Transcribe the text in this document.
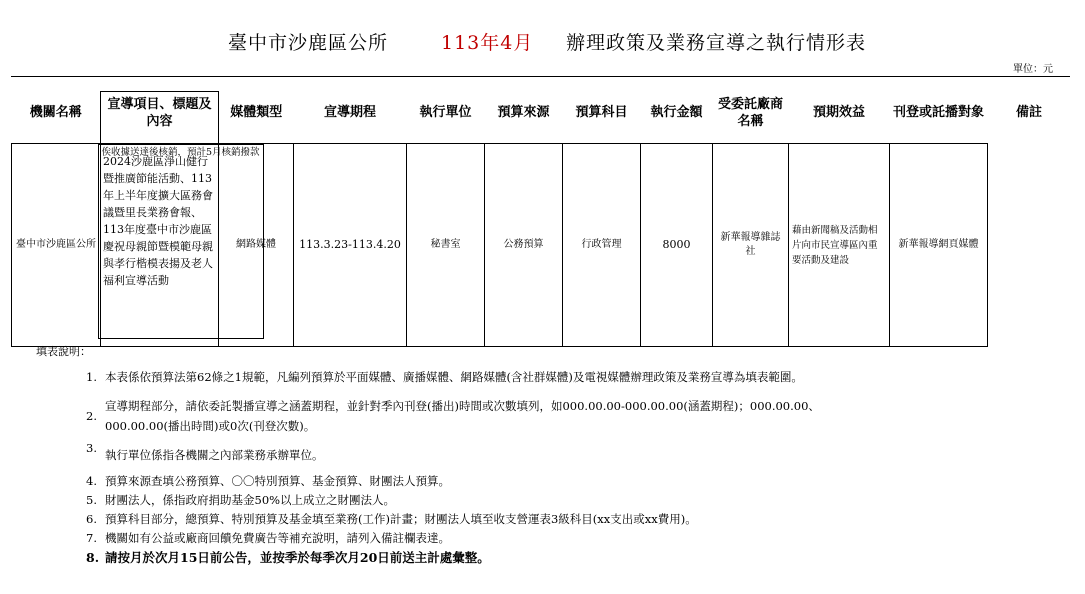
臺中市沙鹿區公所	113年4月 辦理政策及業務宣導之執行情形表
單位：元
機關名稱	宣導項目、標題及內容	媒體類型	宣導期程	執行單位	預算來源	預算科目	執行金額	受委託廠商名稱	預期效益	刊登或託播對象	備註

臺中市沙鹿區公所	2024沙鹿區淨山健行暨推廣節能活動、113年上半年度擴大區務會議暨里長業務會報、113年度臺中市沙鹿區慶祝母親節暨模範母親與孝行楷模表揚及老人福利宣導活動	網路媒體	113.3.23-113.4.20	秘書室	公務預算	行政管理	8000	新華報導雜誌社	藉由新聞稿及活動相片向市民宣導區內重要活動及建設	新華報導網頁媒體	
俟收據送達後核銷，預計5月核銷撥款
填表說明：
1. 本表係依預算法第62條之1規範，凡編列預算於平面媒體、廣播媒體、網路媒體(含社群媒體)及電視媒體辦理政策及業務宣導為填表範圍。
2.
宣導期程部分，請依委託製播宣導之涵蓋期程，並針對季內刊登(播出)時間或次數填列，如000.00.00-000.00.00(涵蓋期程)；000.00.00、
000.00.00(播出時間)或0次(刊登次數)。
3. 執行單位係指各機關之內部業務承辦單位。
4. 預算來源查填公務預算、〇〇特別預算、基金預算、財團法人預算。
5. 財團法人，係指政府捐助基金50%以上成立之財團法人。
6. 預算科目部分，總預算、特別預算及基金填至業務(工作)計畫；財團法人填至收支營運表3級科目(xx支出或xx費用)。
7. 機關如有公益或廠商回饋免費廣告等補充說明，請列入備註欄表達。
8. 請按月於次月15日前公告，並按季於每季次月20日前送主計處彙整。
